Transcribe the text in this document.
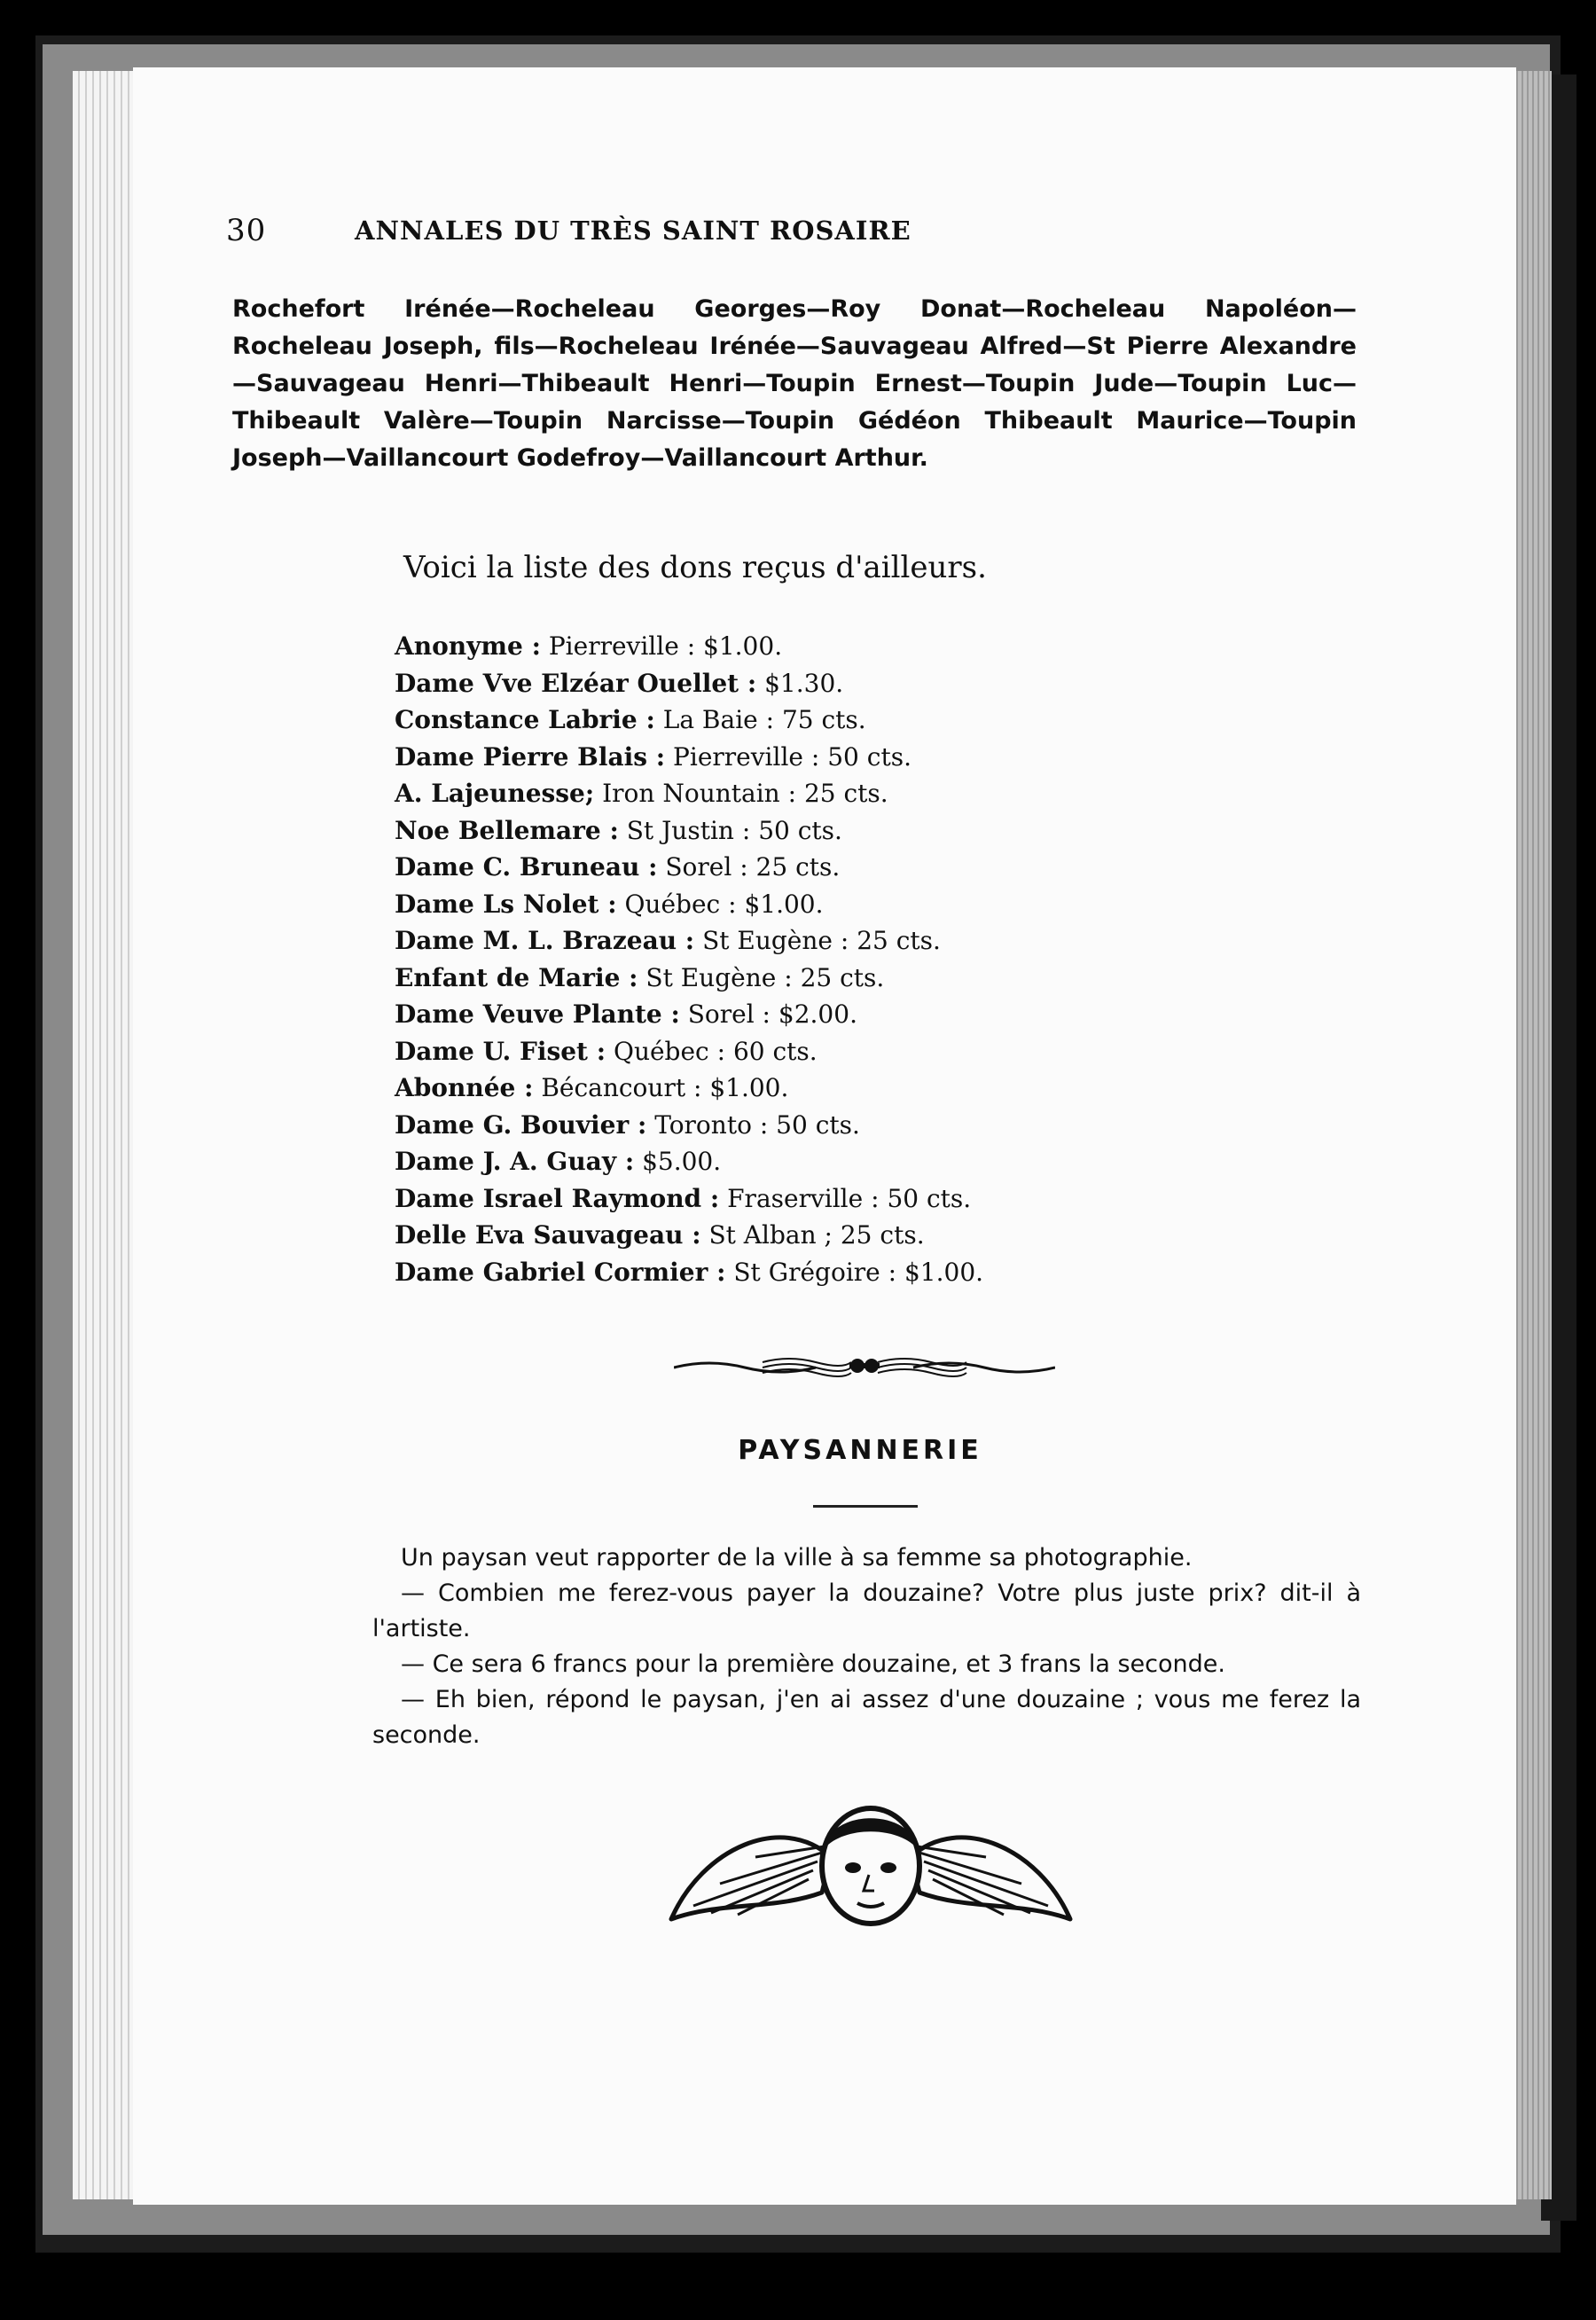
30	ANNALES DU TRÈS SAINT ROSAIRE
Rochefort Irénée—Rocheleau Georges—Roy Donat—Rocheleau Napoléon—Rocheleau Joseph, fils—Rocheleau Irénée—Sauvageau Alfred—St Pierre Alexandre—Sauvageau Henri—Thibeault Henri—Toupin Ernest—Toupin Jude—Toupin Luc—Thibeault Valère—Toupin Narcisse—Toupin Gédéon Thibeault Maurice—Toupin Joseph—Vaillancourt Godefroy—Vaillancourt Arthur.
Voici la liste des dons reçus d'ailleurs.
Anonyme : Pierreville : $1.00.
Dame Vve Elzéar Ouellet : $1.30.
Constance Labrie : La Baie : 75 cts.
Dame Pierre Blais : Pierreville : 50 cts.
A. Lajeunesse; Iron Nountain : 25 cts.
Noe Bellemare : St Justin : 50 cts.
Dame C. Bruneau : Sorel : 25 cts.
Dame Ls Nolet : Québec : $1.00.
Dame M. L. Brazeau : St Eugène : 25 cts.
Enfant de Marie : St Eugène : 25 cts.
Dame Veuve Plante : Sorel : $2.00.
Dame U. Fiset : Québec : 60 cts.
Abonnée : Bécancourt : $1.00.
Dame G. Bouvier : Toronto : 50 cts.
Dame J. A. Guay : $5.00.
Dame Israel Raymond : Fraserville : 50 cts.
Delle Eva Sauvageau : St Alban ; 25 cts.
Dame Gabriel Cormier : St Grégoire : $1.00.
PAYSANNERIE

Un paysan veut rapporter de la ville à sa femme sa photographie.

— Combien me ferez-vous payer la douzaine? Votre plus juste prix? dit-il à l'artiste.

— Ce sera 6 francs pour la première douzaine, et 3 frans la seconde.

— Eh bien, répond le paysan, j'en ai assez d'une douzaine ; vous me ferez la seconde.
